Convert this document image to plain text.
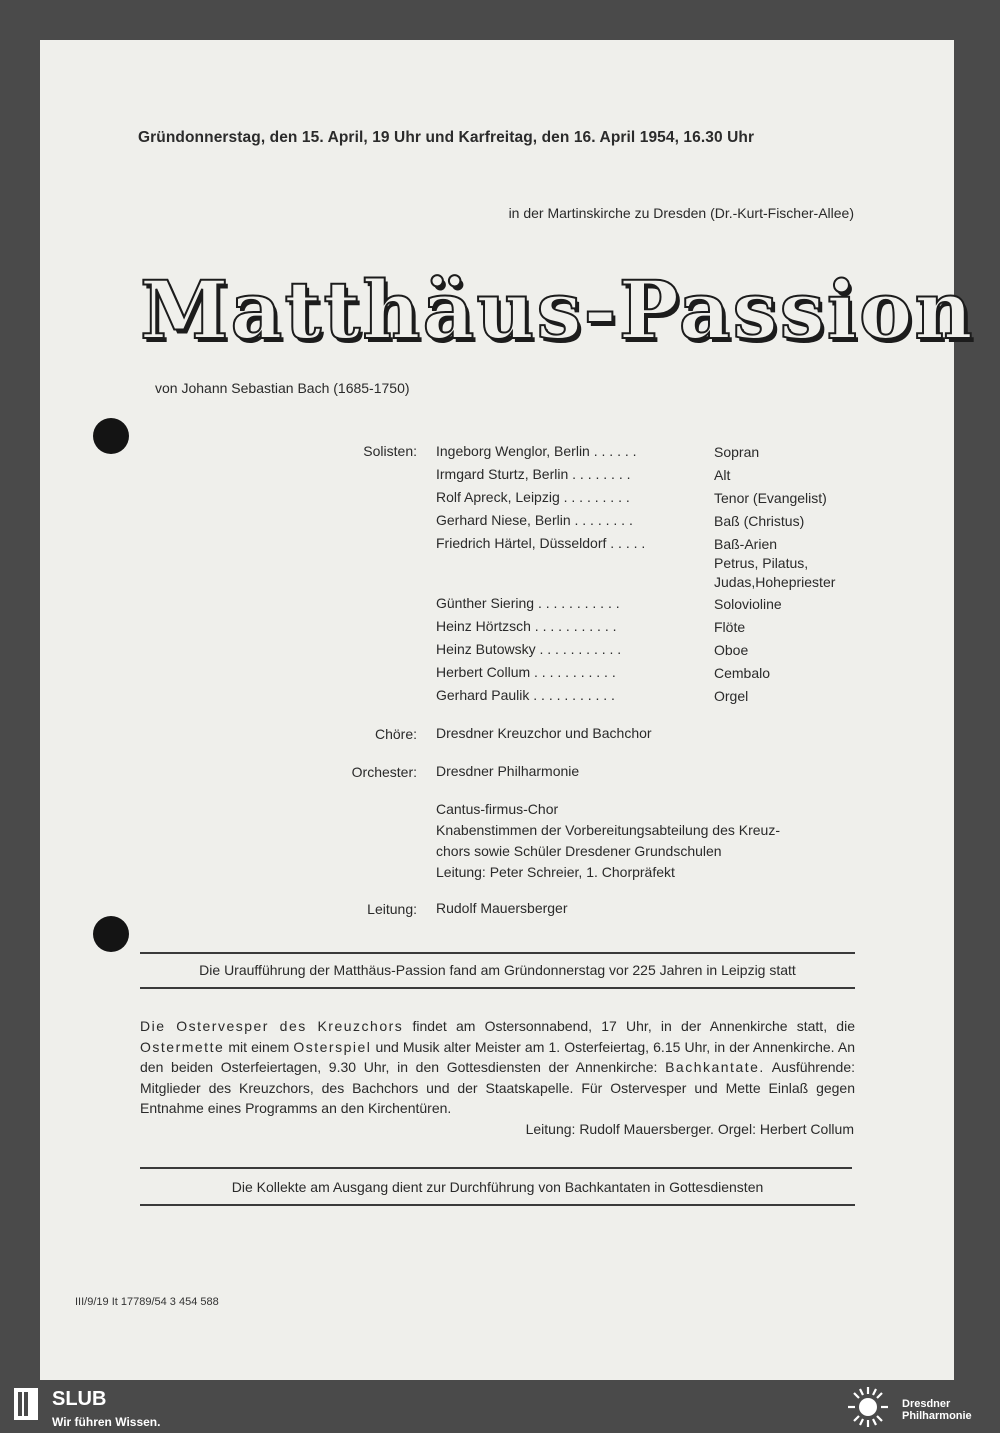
Gründonnerstag, den 15. April, 19 Uhr und Karfreitag, den 16. April 1954, 16.30 Uhr
in der Martinskirche zu Dresden (Dr.-Kurt-Fischer-Allee)
Matthäus-Passion
von Johann Sebastian Bach (1685-1750)
Solisten: Ingeborg Wenglor, Berlin . . . . . .	Sopran
Irmgard Sturtz, Berlin . . . . . . . .	Alt
Rolf Apreck, Leipzig . . . . . . . . .	Tenor (Evangelist)
Gerhard Niese, Berlin . . . . . . . .	Baß (Christus)
Friedrich Härtel, Düsseldorf . . . . .	Baß-Arien
Petrus, Pilatus,
Judas,Hohepriester
Günther Siering . . . . . . . . . . .	Solovioline
Heinz Hörtzsch . . . . . . . . . . .	Flöte
Heinz Butowsky . . . . . . . . . . .	Oboe
Herbert Collum . . . . . . . . . . .	Cembalo
Gerhard Paulik . . . . . . . . . . .	Orgel
Chöre: Dresdner Kreuzchor und Bachchor
Orchester: Dresdner Philharmonie
Cantus-firmus-Chor
Knabenstimmen der Vorbereitungsabteilung des Kreuz-
chors sowie Schüler Dresdener Grundschulen
Leitung: Peter Schreier, 1. Chorpräfekt
Leitung: Rudolf Mauersberger
Die Uraufführung der Matthäus-Passion fand am Gründonnerstag vor 225 Jahren in Leipzig statt
Die Ostervesper des Kreuzchors findet am Ostersonnabend, 17 Uhr, in der Annenkirche statt, die Ostermette mit einem Osterspiel und Musik alter Meister am 1. Osterfeiertag, 6.15 Uhr, in der Annenkirche. An den beiden Osterfeiertagen, 9.30 Uhr, in den Gottesdiensten der Annenkirche: Bachkantate. Ausführende: Mitglieder des Kreuzchors, des Bachchors und der Staatskapelle. Für Ostervesper und Mette Einlaß gegen Entnahme eines Programms an den Kirchentüren.
Leitung: Rudolf Mauersberger. Orgel: Herbert Collum
Die Kollekte am Ausgang dient zur Durchführung von Bachkantaten in Gottesdiensten
III/9/19 It 17789/54 3 454 588
SLUB
Wir führen Wissen.
Dresdner
Philharmonie
